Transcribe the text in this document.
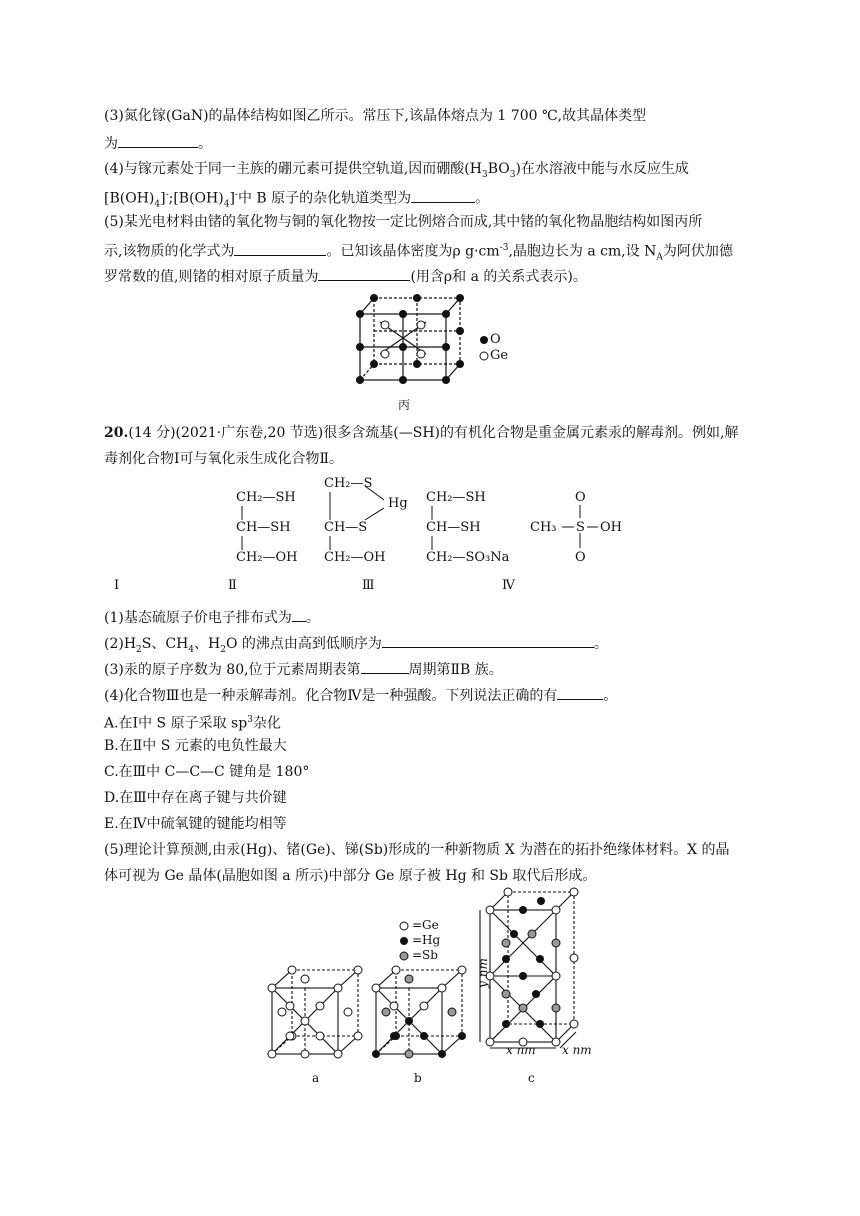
(3)氮化镓(GaN)的晶体结构如图乙所示。常压下,该晶体熔点为 1 700 ℃,故其晶体类型
为	。
(4)与镓元素处于同一主族的硼元素可提供空轨道,因而硼酸$(H_3BO_3)$在水溶液中能与水反应生成
$[B(OH)_4]^-;[B(OH)_4]^-$中 B 原子的杂化轨道类型为	。
(5)某光电材料由锗的氧化物与铜的氧化物按一定比例熔合而成,其中锗的氧化物晶胞结构如图丙所
示,该物质的化学式为	。已知该晶体密度为ρ $g\cdot cm^{-3}$,晶胞边长为 a cm,设 $N_A$为阿伏加德
罗常数的值,则锗的相对原子质量为	(用含ρ和 a 的关系式表示)。
O
Ge
丙
20.(14 分)(2021·广东卷,20 节选)很多含巯基(—SH)的有机化合物是重金属元素汞的解毒剂。例如,解
毒剂化合物Ⅰ可与氧化汞生成化合物Ⅱ。
CH₂—SH
CH—SH
CH₂—OH
Ⅰ
CH₂—S
Hg
CH—S
CH₂—OH
Ⅱ
CH₂—SH
CH—SH
CH₂—SO₃Na
Ⅲ
O
CH₃ S OH
O
Ⅳ
(1)基态硫原子价电子排布式为 。
$(2)H_2S$、$CH_4$、$H_2O$ 的沸点由高到低顺序为	。
(3)汞的原子序数为 80,位于元素周期表第	周期第ⅡB 族。
(4)化合物Ⅲ也是一种汞解毒剂。化合物Ⅳ是一种强酸。下列说法正确的有	。
A.在Ⅰ中 S 原子采取 $sp^3$杂化
B.在Ⅱ中 S 元素的电负性最大
C.在Ⅲ中 C—C—C 键角是 180°
D.在Ⅲ中存在离子键与共价键
E.在Ⅳ中硫氧键的键能均相等
(5)理论计算预测,由汞(Hg)、锗(Ge)、锑(Sb)形成的一种新物质 X 为潜在的拓扑绝缘体材料。X 的晶
体可视为 Ge 晶体(晶胞如图 a 所示)中部分 Ge 原子被 Hg 和 Sb 取代后形成。
=Ge
=Hg
=Sb
y nm
x nm x nm
a	b	c
